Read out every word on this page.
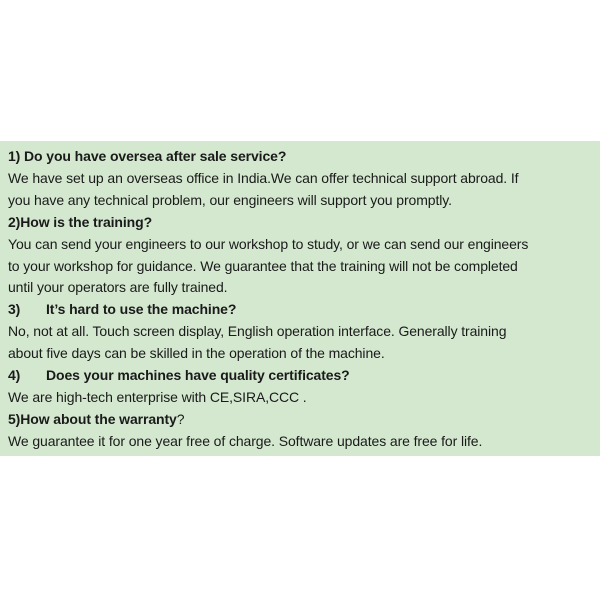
1) Do you have oversea after sale service?
We have set up an overseas office in India.We can offer technical support abroad. If
you have any technical problem, our engineers will support you promptly.
2)How is the training?
You can send your engineers to our workshop to study, or we can send our engineers
to your workshop for guidance. We guarantee that the training will not be completed
until your operators are fully trained.
3) It’s hard to use the machine?
No, not at all. Touch screen display, English operation interface. Generally training
about five days can be skilled in the operation of the machine.
4) Does your machines have quality certificates?
We are high-tech enterprise with CE,SIRA,CCC .
5)How about the warranty?
We guarantee it for one year free of charge. Software updates are free for life.
